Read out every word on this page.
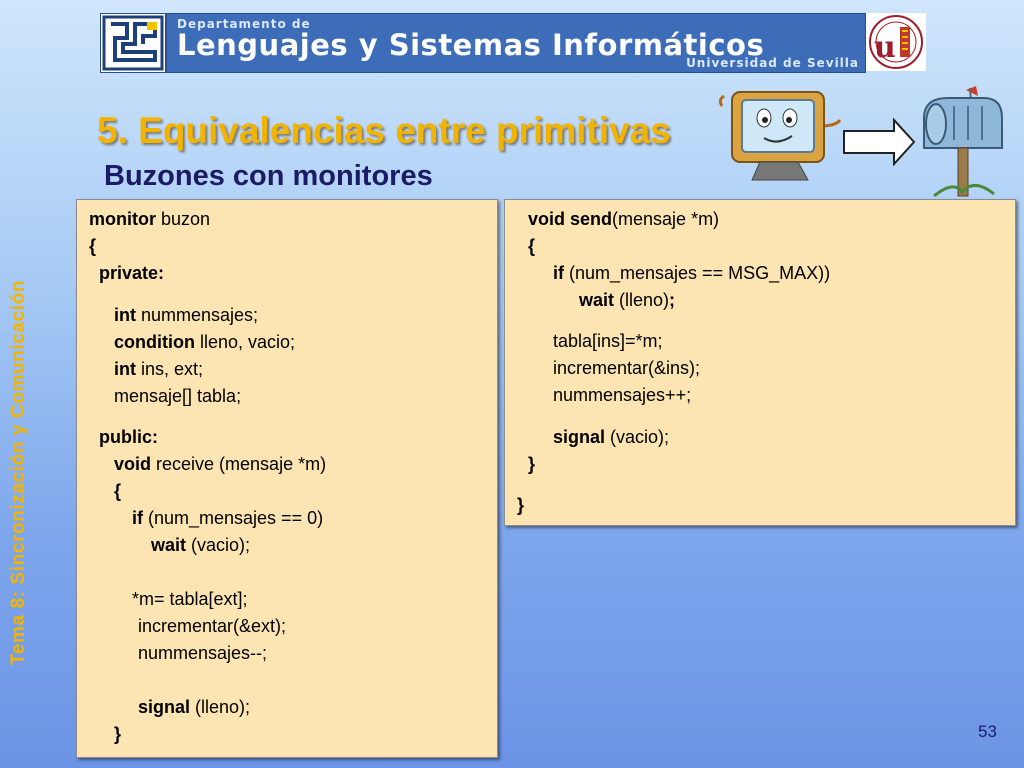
Departamento de
Lenguajes y Sistemas Informáticos
Universidad de Sevilla u
5. Equivalencias entre primitivas
Buzones con monitores
Tema 8: Sincronización y Comunicación
monitor buzon
{
private:
int nummensajes;
condition lleno, vacio;
int ins, ext;
mensaje[] tabla;
public:
void receive (mensaje *m)
{
if (num_mensajes == 0)
wait (vacio);
*m= tabla[ext];
incrementar(&ext);
nummensajes--;
signal (lleno);
}
void send(mensaje *m)
{
if (num_mensajes == MSG_MAX))
wait (lleno);
tabla[ins]=*m;
incrementar(&ins);
nummensajes++;
signal (vacio);
}
}
53
